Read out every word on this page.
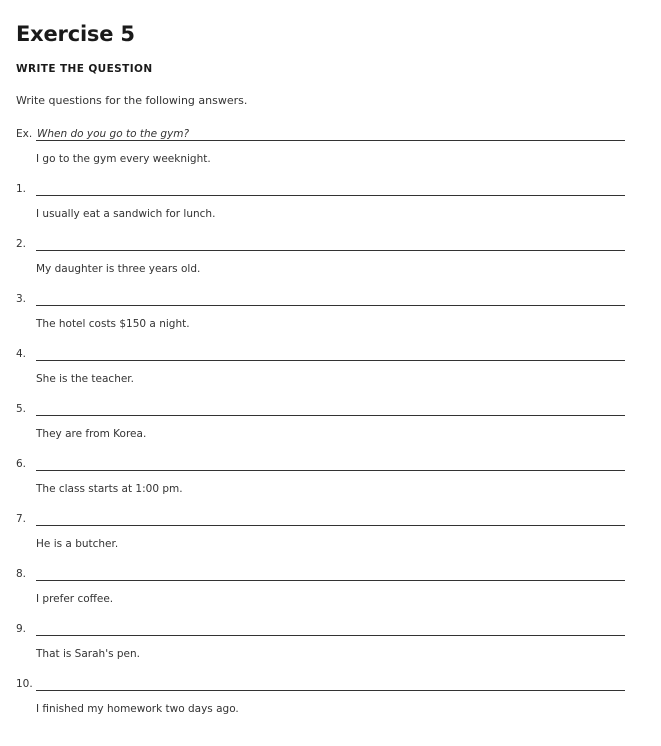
Exercise 5
WRITE THE QUESTION

Write questions for the following answers.

Ex. When do you go to the gym?
I go to the gym every weeknight.
1.
I usually eat a sandwich for lunch.
2.
My daughter is three years old.
3.
The hotel costs $150 a night.
4.
She is the teacher.
5.
They are from Korea.
6.
The class starts at 1:00 pm.
7.
He is a butcher.
8.
I prefer coffee.
9.
That is Sarah's pen.
10.
I finished my homework two days ago.
